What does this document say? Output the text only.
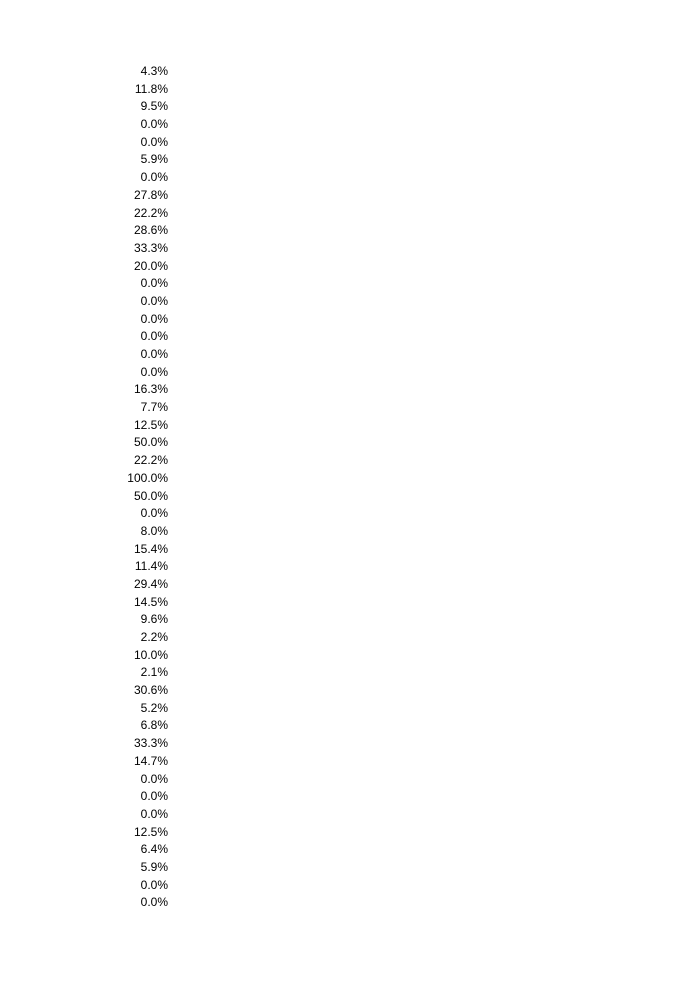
4.3%
11.8%
9.5%
0.0%
0.0%
5.9%
0.0%
27.8%
22.2%
28.6%
33.3%
20.0%
0.0%
0.0%
0.0%
0.0%
0.0%
0.0%
16.3%
7.7%
12.5%
50.0%
22.2%
100.0%
50.0%
0.0%
8.0%
15.4%
11.4%
29.4%
14.5%
9.6%
2.2%
10.0%
2.1%
30.6%
5.2%
6.8%
33.3%
14.7%
0.0%
0.0%
0.0%
12.5%
6.4%
5.9%
0.0%
0.0%
